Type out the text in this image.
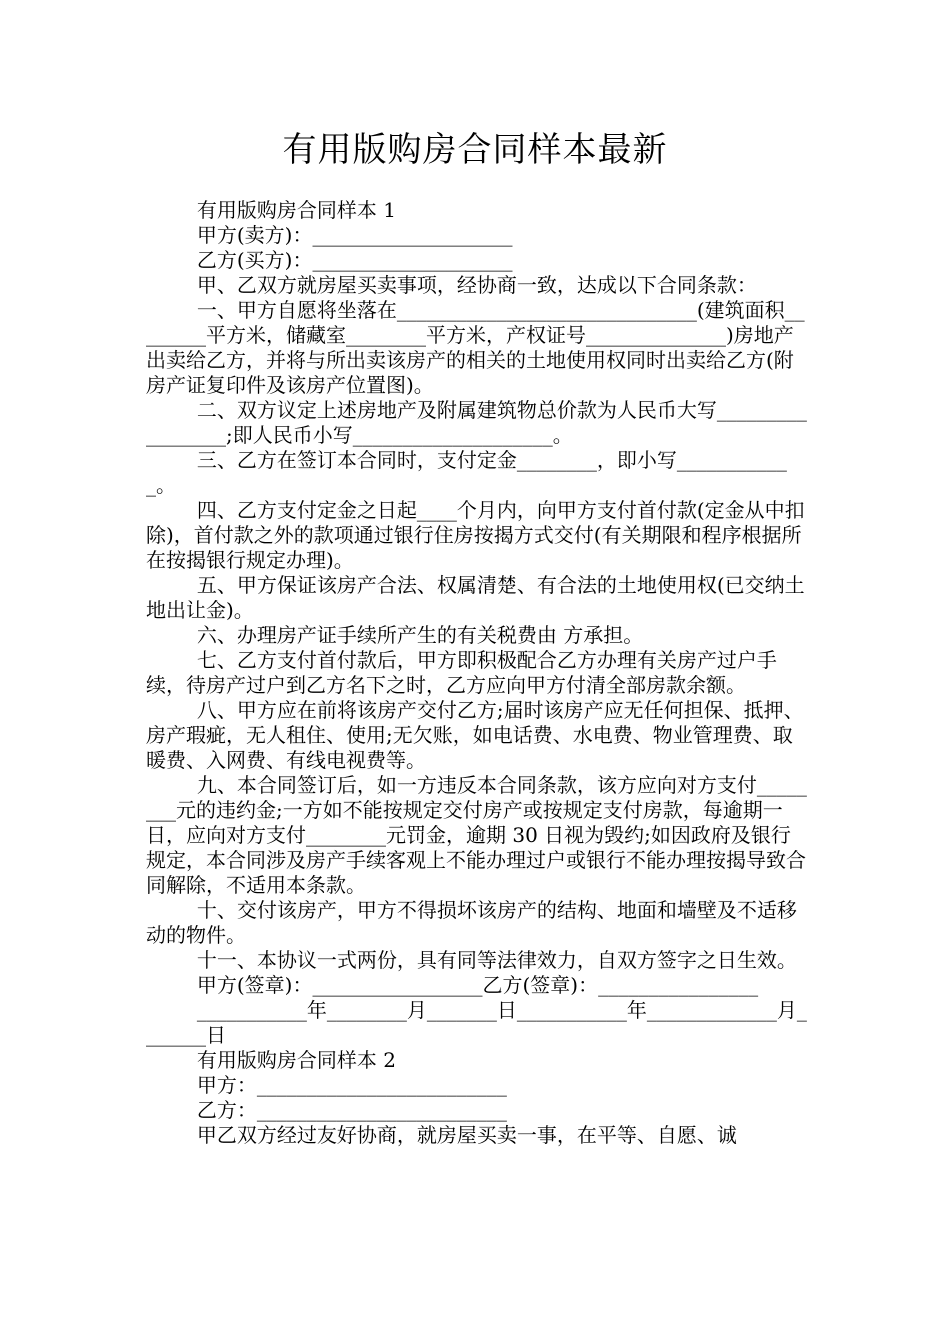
有用版购房合同样本最新

有用版购房合同样本 1

甲方(卖方)：____________________

乙方(买方)：____________________

甲、乙双方就房屋买卖事项，经协商一致，达成以下合同条款：

一、甲方自愿将坐落在______________________________(建筑面积________平方米，储藏室________平方米，产权证号______________)房地产出卖给乙方，并将与所出卖该房产的相关的土地使用权同时出卖给乙方(附房产证复印件及该房产位置图)。

二、双方议定上述房地产及附属建筑物总价款为人民币大写_________________;即人民币小写____________________。

三、乙方在签订本合同时，支付定金________，即小写____________。

四、乙方支付定金之日起____个月内，向甲方支付首付款(定金从中扣除)，首付款之外的款项通过银行住房按揭方式交付(有关期限和程序根据所在按揭银行规定办理)。

五、甲方保证该房产合法、权属清楚、有合法的土地使用权(已交纳土地出让金)。

六、办理房产证手续所产生的有关税费由 方承担。

七、乙方支付首付款后，甲方即积极配合乙方办理有关房产过户手续，待房产过户到乙方名下之时，乙方应向甲方付清全部房款余额。

八、甲方应在前将该房产交付乙方;届时该房产应无任何担保、抵押、房产瑕疵，无人租住、使用;无欠账，如电话费、水电费、物业管理费、取暖费、入网费、有线电视费等。

九、本合同签订后，如一方违反本合同条款，该方应向对方支付________元的违约金;一方如不能按规定交付房产或按规定支付房款，每逾期一日，应向对方支付________元罚金，逾期 30 日视为毁约;如因政府及银行规定，本合同涉及房产手续客观上不能办理过户或银行不能办理按揭导致合同解除，不适用本条款。

十、交付该房产，甲方不得损坏该房产的结构、地面和墙壁及不适移动的物件。

十一、本协议一式两份，具有同等法律效力，自双方签字之日生效。

甲方(签章)：_________________乙方(签章)：________________

___________年________月_______日___________年_____________月_______日

有用版购房合同样本 2

甲方：_________________________

乙方：_________________________

甲乙双方经过友好协商，就房屋买卖一事，在平等、自愿、诚
